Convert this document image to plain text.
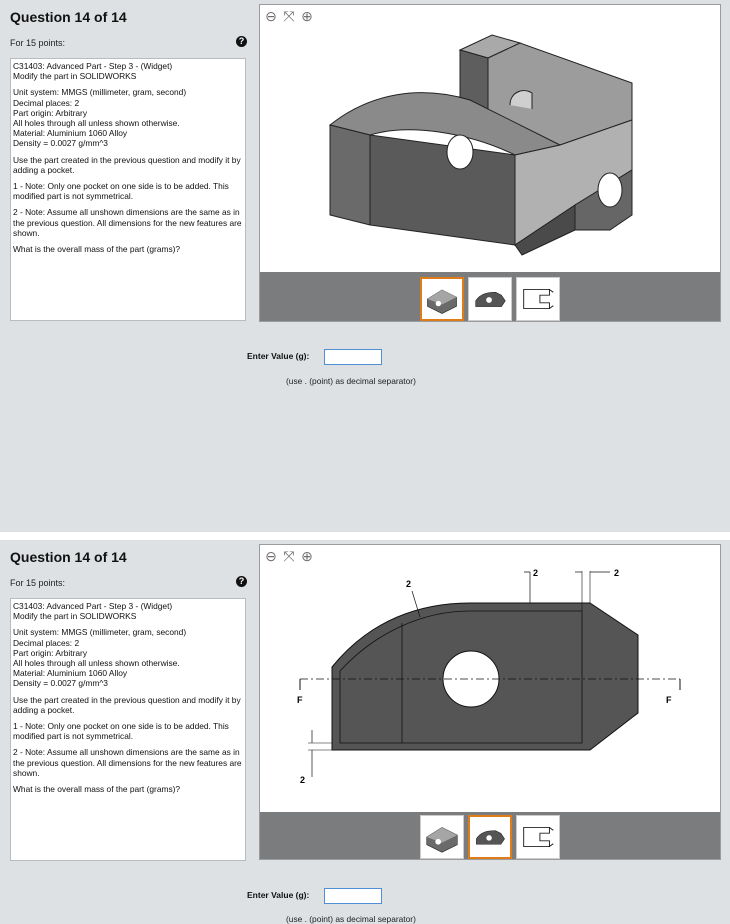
Question 14 of 14
For 15 points:	?
C31403: Advanced Part - Step 3 - (Widget)

Modify the part in SOLIDWORKS

Unit system: MMGS (millimeter, gram, second)
Decimal places: 2
Part origin: Arbitrary
All holes through all unless shown otherwise.
Material: Aluminium 1060 Alloy

Density = 0.0027 g/mm^3

Use the part created in the previous question and modify it by adding a pocket.

1 - Note: Only one pocket on one side is to be added. This modified part is not symmetrical.

2 - Note: Assume all unshown dimensions are the same as in the previous question. All dimensions for the new features are shown.

What is the overall mass of the part (grams)?

⊖ ⤧ ⊕
Enter Value (g):
(use . (point) as decimal separator)
Question 14 of 14
For 15 points:	?
C31403: Advanced Part - Step 3 - (Widget)

Modify the part in SOLIDWORKS

Unit system: MMGS (millimeter, gram, second)
Decimal places: 2
Part origin: Arbitrary
All holes through all unless shown otherwise.
Material: Aluminium 1060 Alloy

Density = 0.0027 g/mm^3

Use the part created in the previous question and modify it by adding a pocket.

1 - Note: Only one pocket on one side is to be added. This modified part is not symmetrical.

2 - Note: Assume all unshown dimensions are the same as in the previous question. All dimensions for the new features are shown.

What is the overall mass of the part (grams)?

F	F
2
2	2
2
⊖ ⤧ ⊕
Enter Value (g):
(use . (point) as decimal separator)
